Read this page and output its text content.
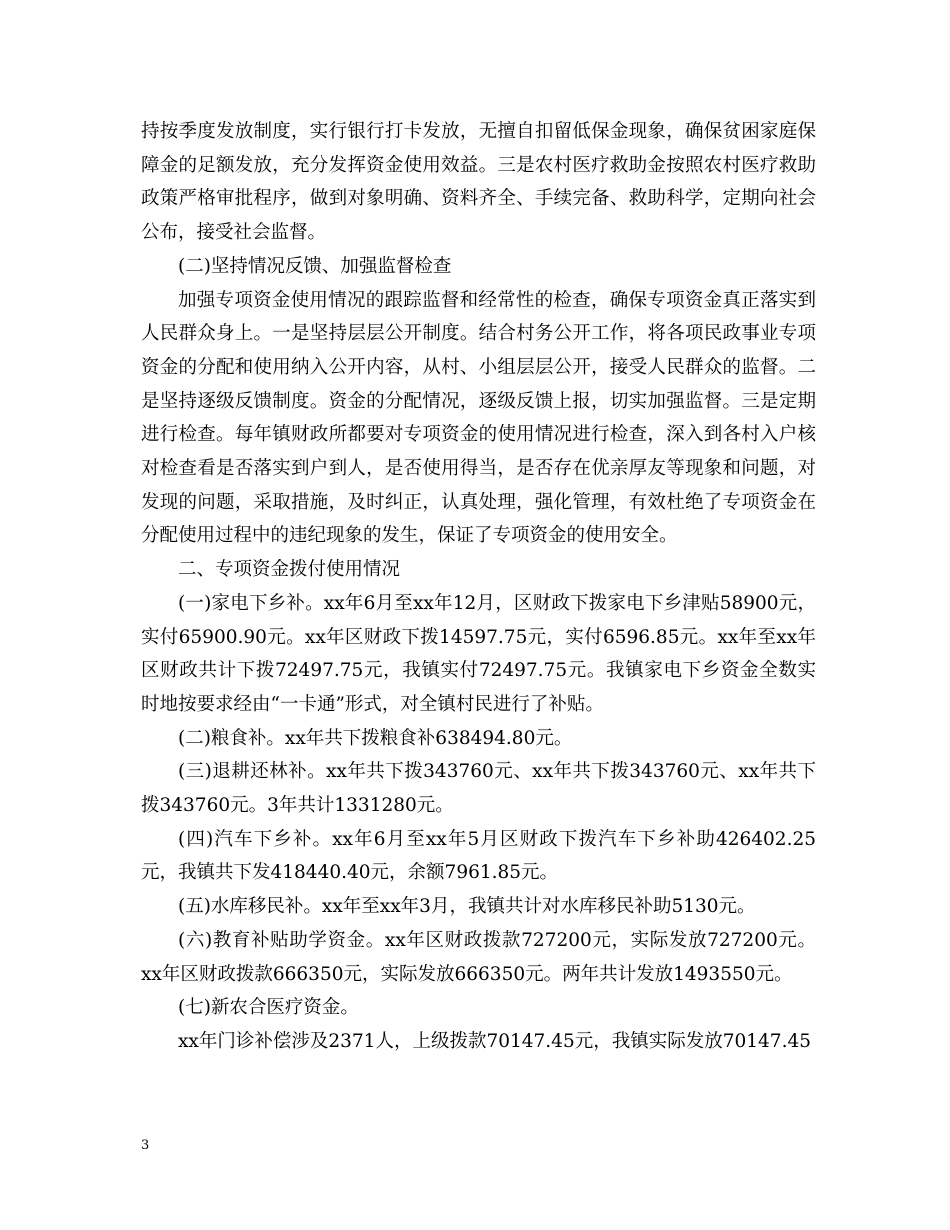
持按季度发放制度，实行银行打卡发放，无擅自扣留低保金现象，确保贫困家庭保障金的足额发放，充分发挥资金使用效益。三是农村医疗救助金按照农村医疗救助政策严格审批程序，做到对象明确、资料齐全、手续完备、救助科学，定期向社会公布，接受社会监督。

(二)坚持情况反馈、加强监督检查

加强专项资金使用情况的跟踪监督和经常性的检查，确保专项资金真正落实到人民群众身上。一是坚持层层公开制度。结合村务公开工作，将各项民政事业专项资金的分配和使用纳入公开内容，从村、小组层层公开，接受人民群众的监督。二是坚持逐级反馈制度。资金的分配情况，逐级反馈上报，切实加强监督。三是定期进行检查。每年镇财政所都要对专项资金的使用情况进行检查，深入到各村入户核对检查看是否落实到户到人，是否使用得当，是否存在优亲厚友等现象和问题，对发现的问题，采取措施，及时纠正，认真处理，强化管理，有效杜绝了专项资金在分配使用过程中的违纪现象的发生，保证了专项资金的使用安全。

二、专项资金拨付使用情况

(一)家电下乡补。xx年6月至xx年12月，区财政下拨家电下乡津贴58900元，实付65900.90元。xx年区财政下拨14597.75元，实付6596.85元。xx年至xx年区财政共计下拨72497.75元，我镇实付72497.75元。我镇家电下乡资金全数实时地按要求经由“一卡通”形式，对全镇村民进行了补贴。

(二)粮食补。xx年共下拨粮食补638494.80元。

(三)退耕还林补。xx年共下拨343760元、xx年共下拨343760元、xx年共下拨343760元。3年共计1331280元。

(四)汽车下乡补。xx年6月至xx年5月区财政下拨汽车下乡补助426402.25元，我镇共下发418440.40元，余额7961.85元。

(五)水库移民补。xx年至xx年3月，我镇共计对水库移民补助5130元。

(六)教育补贴助学资金。xx年区财政拨款727200元，实际发放727200元。xx年区财政拨款666350元，实际发放666350元。两年共计发放1493550元。

(七)新农合医疗资金。

xx年门诊补偿涉及2371人，上级拨款70147.45元，我镇实际发放70147.45

3
